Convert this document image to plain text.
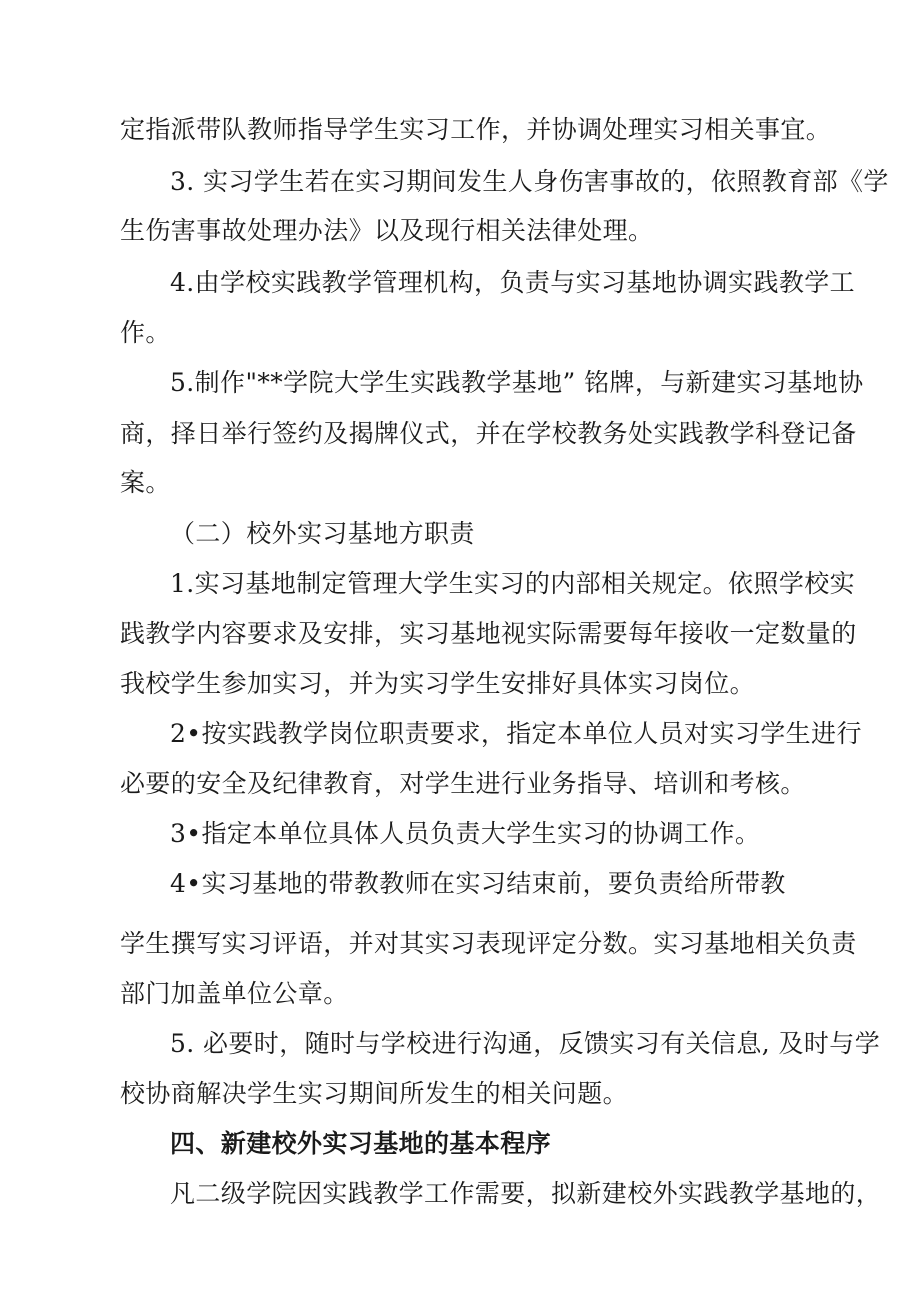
定指派带队教师指导学生实习工作，并协调处理实习相关事宜。
3. 实习学生若在实习期间发生人身伤害事故的，依照教育部《学
生伤害事故处理办法》以及现行相关法律处理。
4.由学校实践教学管理机构，负责与实习基地协调实践教学工
作。
5.制作"**学院大学生实践教学基地” 铭牌，与新建实习基地协
商，择日举行签约及揭牌仪式，并在学校教务处实践教学科登记备
案。
（二）校外实习基地方职责
1.实习基地制定管理大学生实习的内部相关规定。依照学校实
践教学内容要求及安排，实习基地视实际需要每年接收一定数量的
我校学生参加实习，并为实习学生安排好具体实习岗位。
2•按实践教学岗位职责要求，指定本单位人员对实习学生进行
必要的安全及纪律教育，对学生进行业务指导、培训和考核。
3•指定本单位具体人员负责大学生实习的协调工作。
4•实习基地的带教教师在实习结束前，要负责给所带教
学生撰写实习评语，并对其实习表现评定分数。实习基地相关负责
部门加盖单位公章。
5. 必要时，随时与学校进行沟通，反馈实习有关信息, 及时与学
校协商解决学生实习期间所发生的相关问题。
四、新建校外实习基地的基本程序
凡二级学院因实践教学工作需要，拟新建校外实践教学基地的，
